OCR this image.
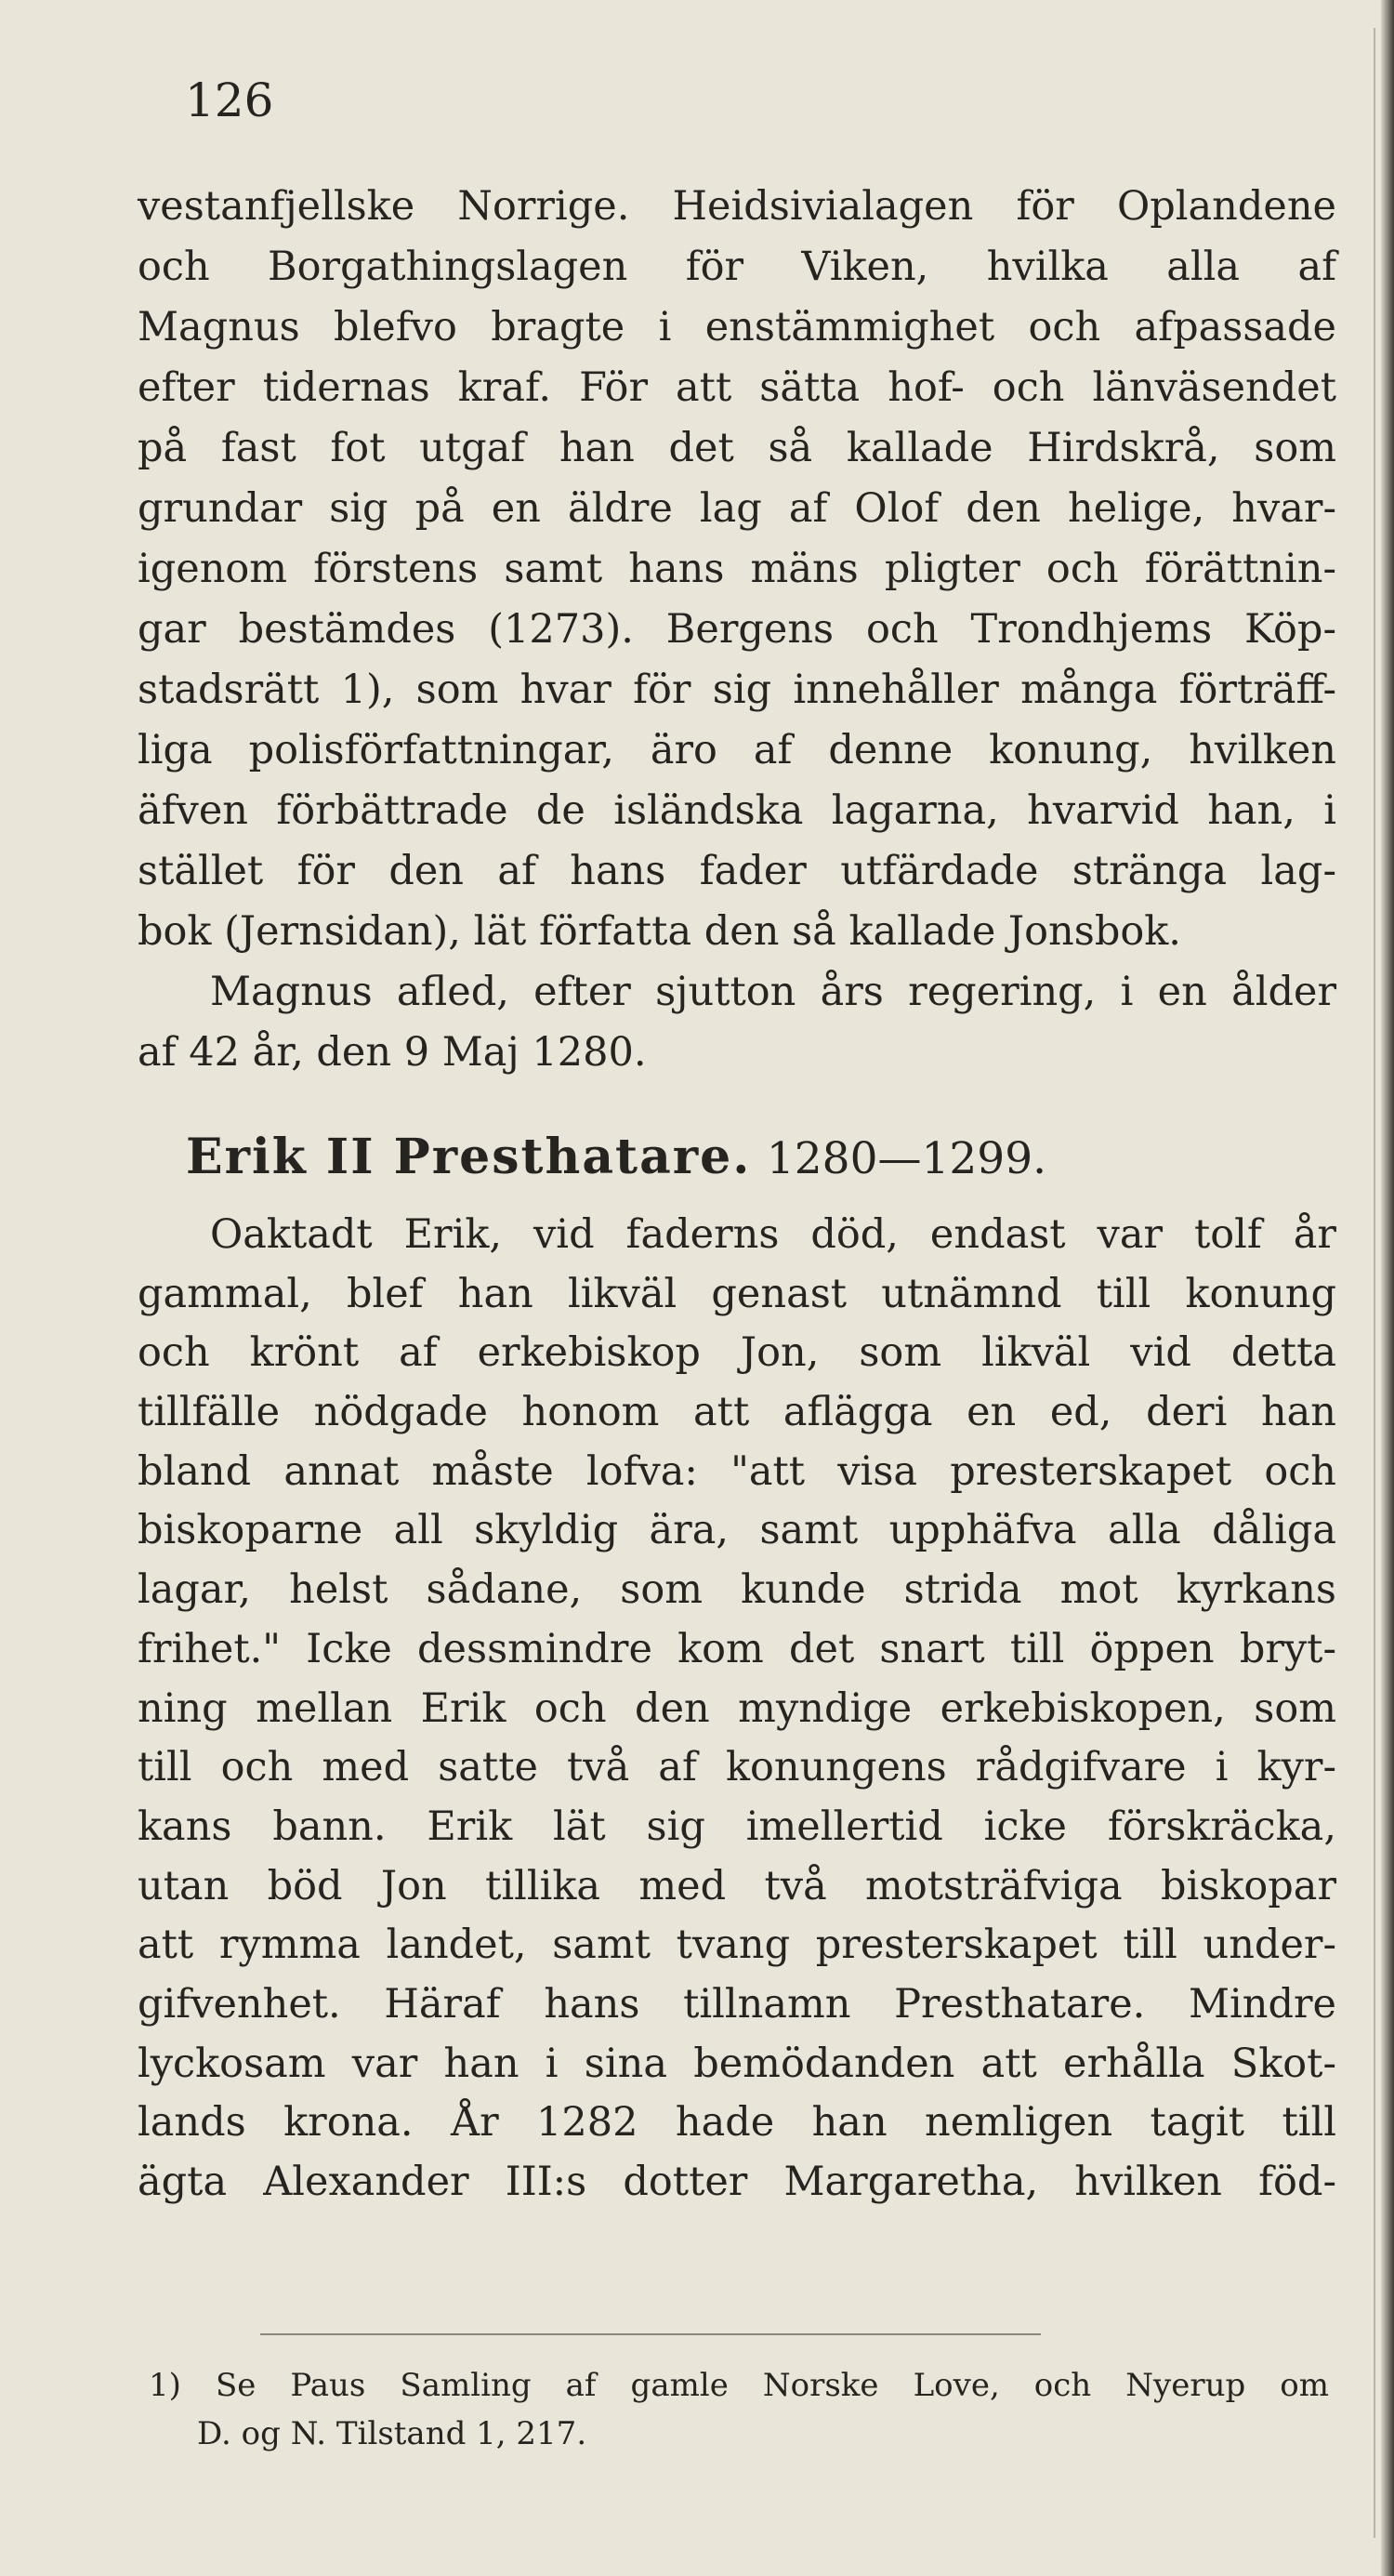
126

vestanfjellske Norrige. Heidsivialagen för Oplandene
och Borgathingslagen för Viken, hvilka alla af
Magnus blefvo bragte i enstämmighet och afpassade
efter tidernas kraf. För att sätta hof- och länväsendet
på fast fot utgaf han det så kallade Hirdskrå, som
grundar sig på en äldre lag af Olof den helige, hvar-
igenom förstens samt hans mäns pligter och förättnin-
gar bestämdes (1273). Bergens och Trondhjems Köp-
stadsrätt 1), som hvar för sig innehåller många förträff-
liga polisförfattningar, äro af denne konung, hvilken
äfven förbättrade de isländska lagarna, hvarvid han, i
stället för den af hans fader utfärdade stränga lag-
bok (Jernsidan), lät författa den så kallade Jonsbok.
Magnus afled, efter sjutton års regering, i en ålder
af 42 år, den 9 Maj 1280.
Erik II Presthatare. 1280—1299.
Oaktadt Erik, vid faderns död, endast var tolf år
gammal, blef han likväl genast utnämnd till konung
och krönt af erkebiskop Jon, som likväl vid detta
tillfälle nödgade honom att aflägga en ed, deri han
bland annat måste lofva: "att visa presterskapet och
biskoparne all skyldig ära, samt upphäfva alla dåliga
lagar, helst sådane, som kunde strida mot kyrkans
frihet." Icke dessmindre kom det snart till öppen bryt-
ning mellan Erik och den myndige erkebiskopen, som
till och med satte två af konungens rådgifvare i kyr-
kans bann. Erik lät sig imellertid icke förskräcka,
utan böd Jon tillika med två motsträfviga biskopar
att rymma landet, samt tvang presterskapet till under-
gifvenhet. Häraf hans tillnamn Presthatare. Mindre
lyckosam var han i sina bemödanden att erhålla Skot-
lands krona. År 1282 hade han nemligen tagit till
ägta Alexander III:s dotter Margaretha, hvilken föd-
1) Se Paus Samling af gamle Norske Love, och Nyerup om
D. og N. Tilstand 1, 217.
